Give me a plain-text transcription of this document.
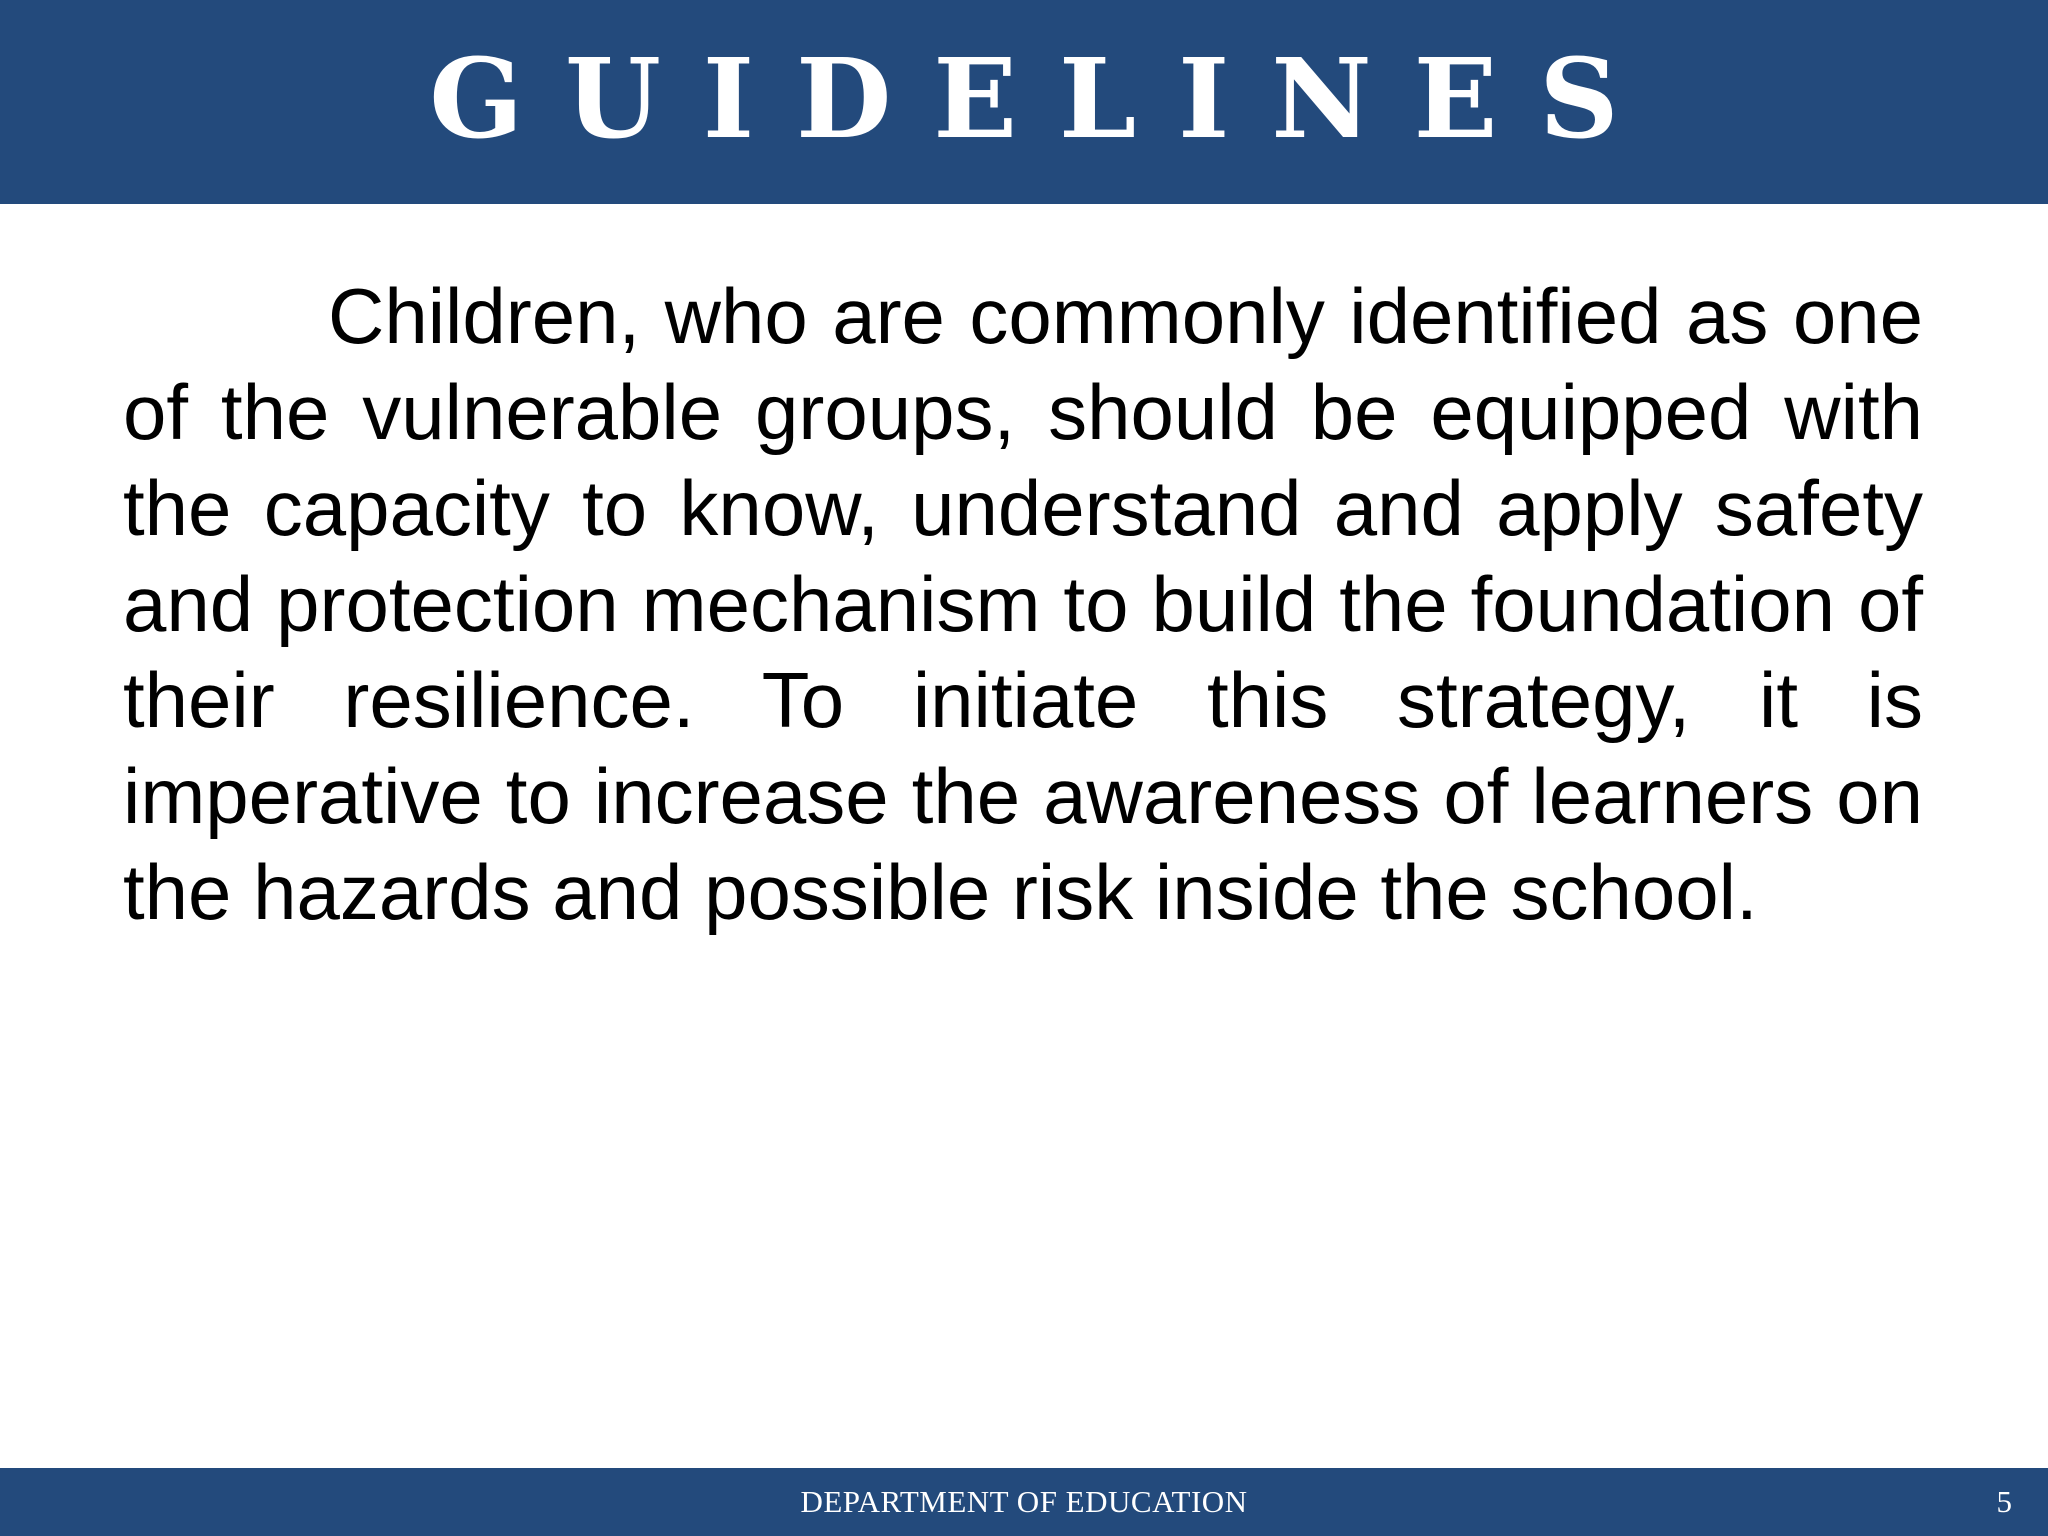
GUIDELINES

Children, who are commonly identified as one of the vulnerable groups, should be equipped with the capacity to know, understand and apply safety and protection mechanism to build the foundation of their resilience. To initiate this strategy, it is imperative to increase the awareness of learners on the hazards and possible risk inside the school.

DEPARTMENT OF EDUCATION	5
